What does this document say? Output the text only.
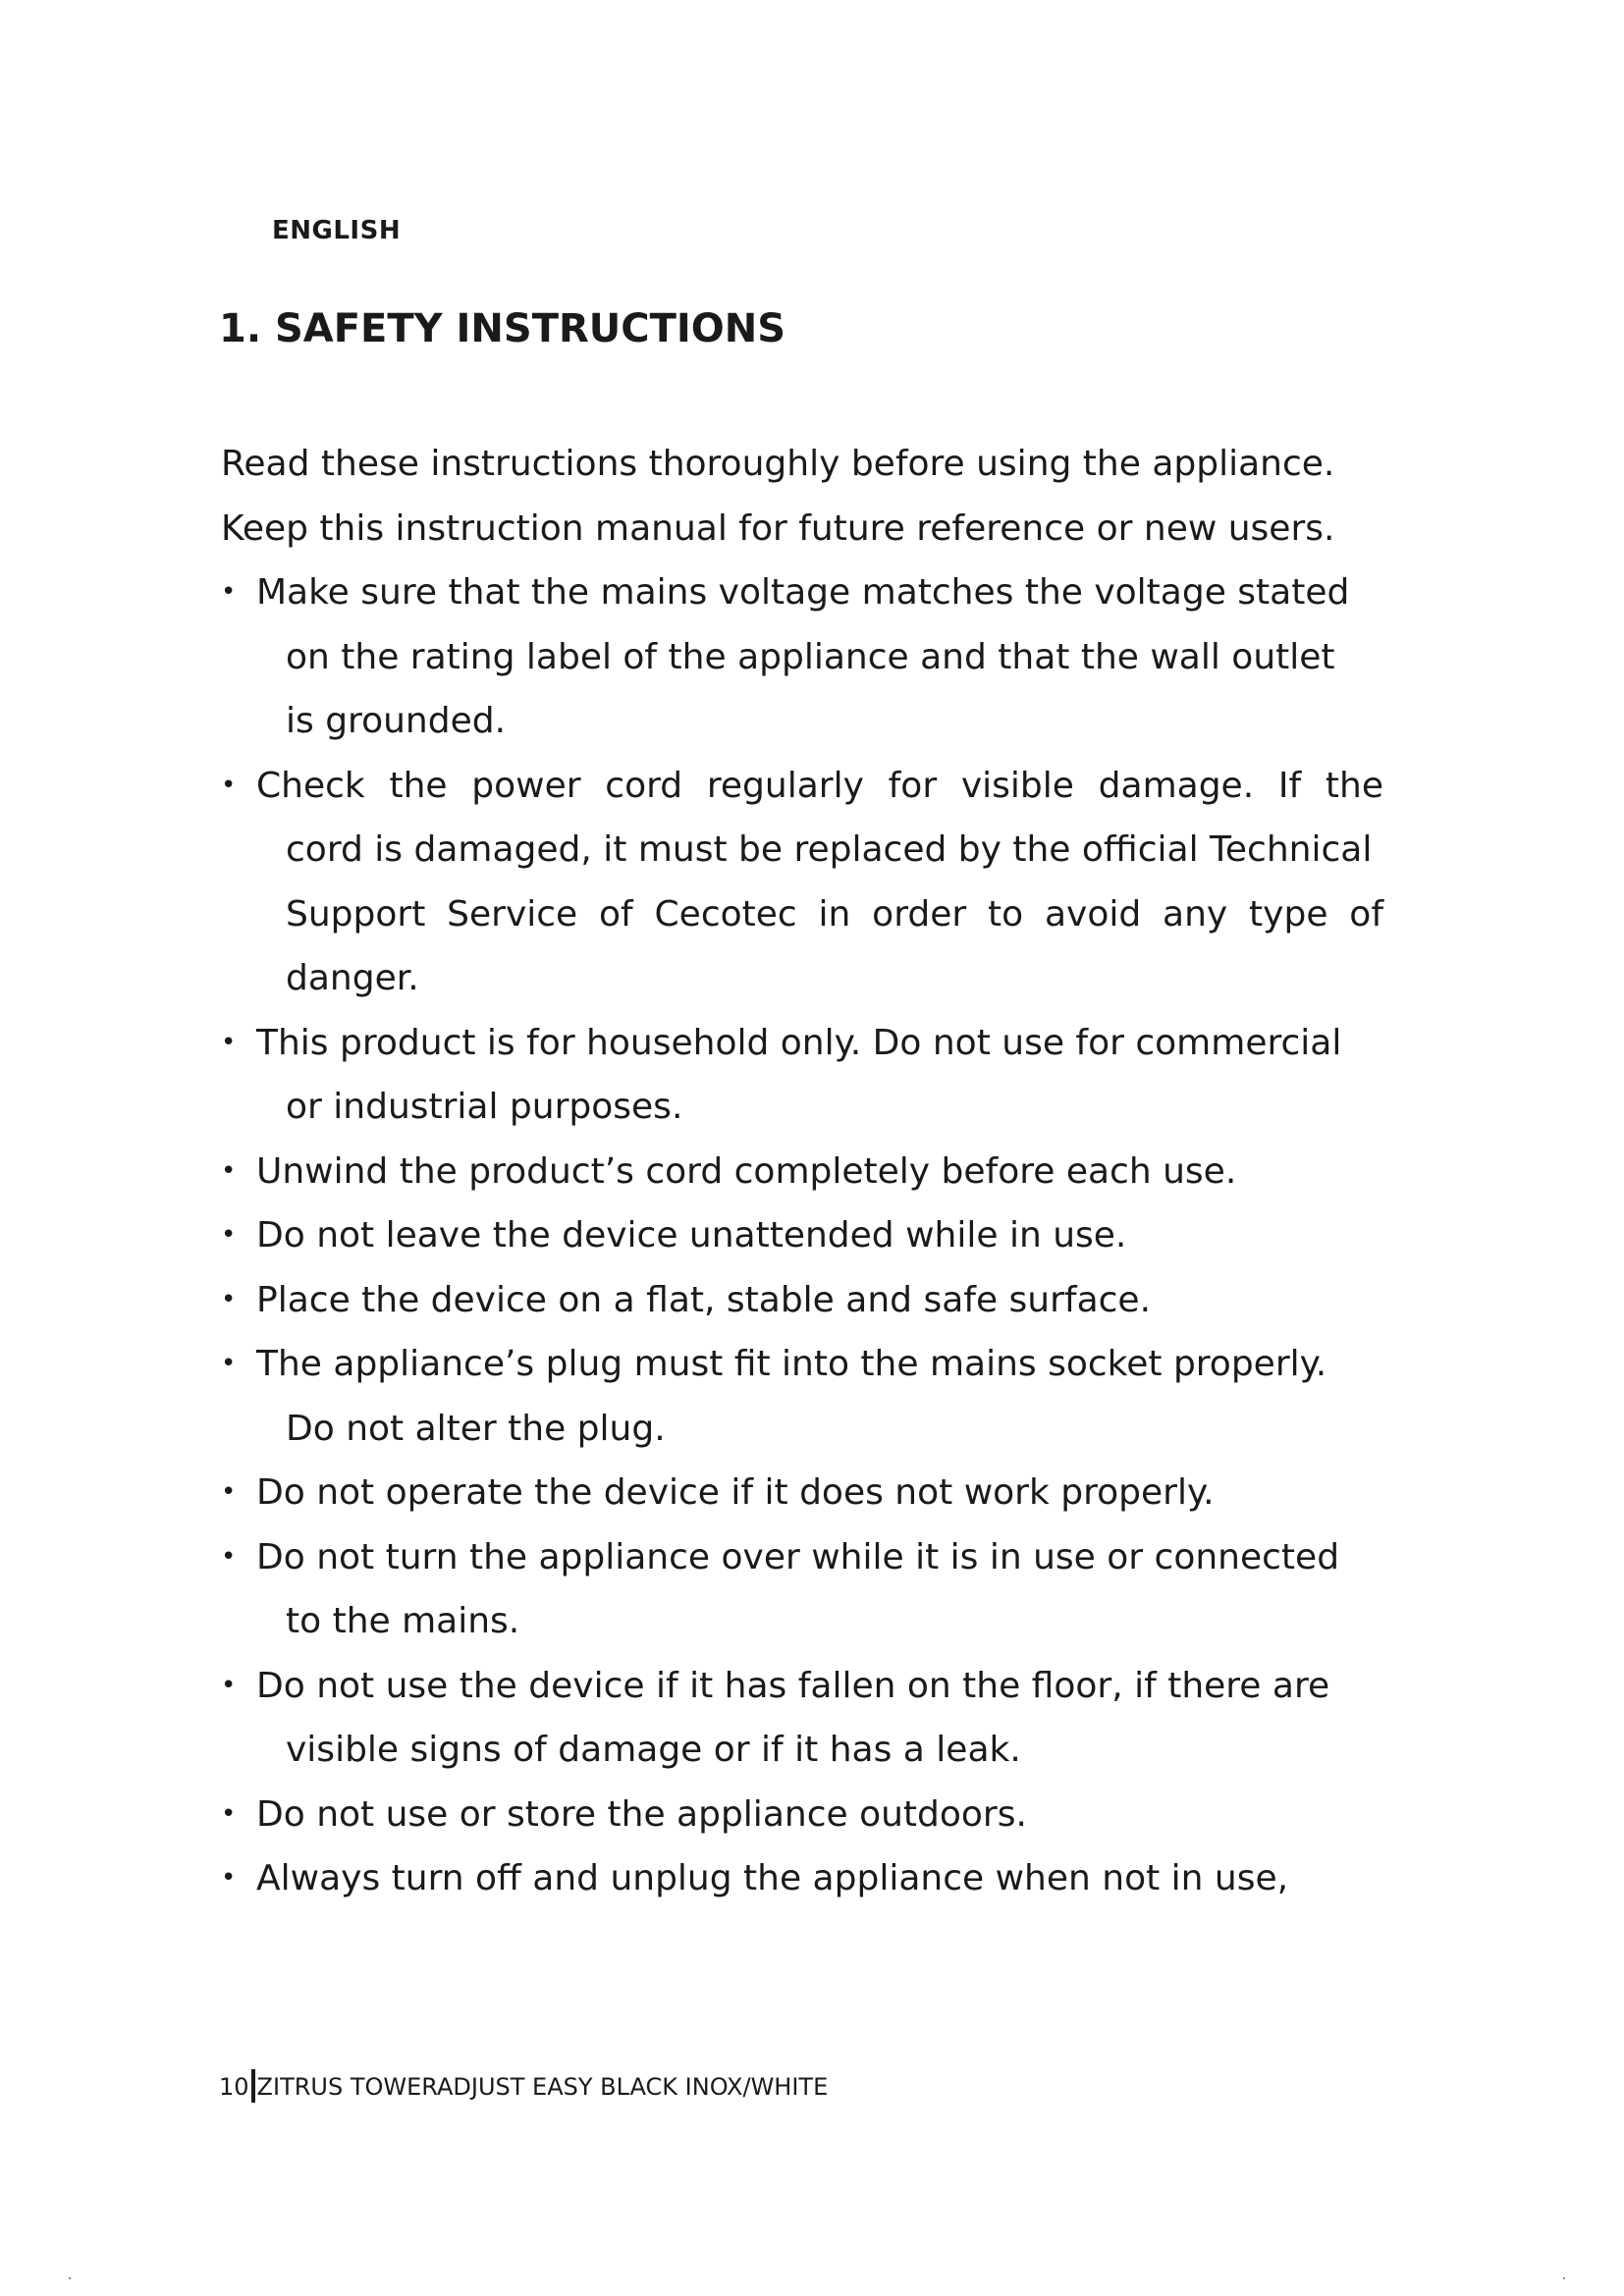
ENGLISH
1. SAFETY INSTRUCTIONS

Read these instructions thoroughly before using the appliance.

Keep this instruction manual for future reference or new users.

• Make sure that the mains voltage matches the voltage stated
on the rating label of the appliance and that the wall outlet
is grounded.
• Check the power cord regularly for visible damage. If the
cord is damaged, it must be replaced by the official Technical
Support Service of Cecotec in order to avoid any type of
danger.
• This product is for household only. Do not use for commercial
or industrial purposes.
• Unwind the product’s cord completely before each use.
• Do not leave the device unattended while in use.
• Place the device on a flat, stable and safe surface.
• The appliance’s plug must fit into the mains socket properly.
Do not alter the plug.
• Do not operate the device if it does not work properly.
• Do not turn the appliance over while it is in use or connected
to the mains.
• Do not use the device if it has fallen on the floor, if there are
visible signs of damage or if it has a leak.
• Do not use or store the appliance outdoors.
• Always turn off and unplug the appliance when not in use,
10 ZITRUS TOWERADJUST EASY BLACK INOX/WHITE
